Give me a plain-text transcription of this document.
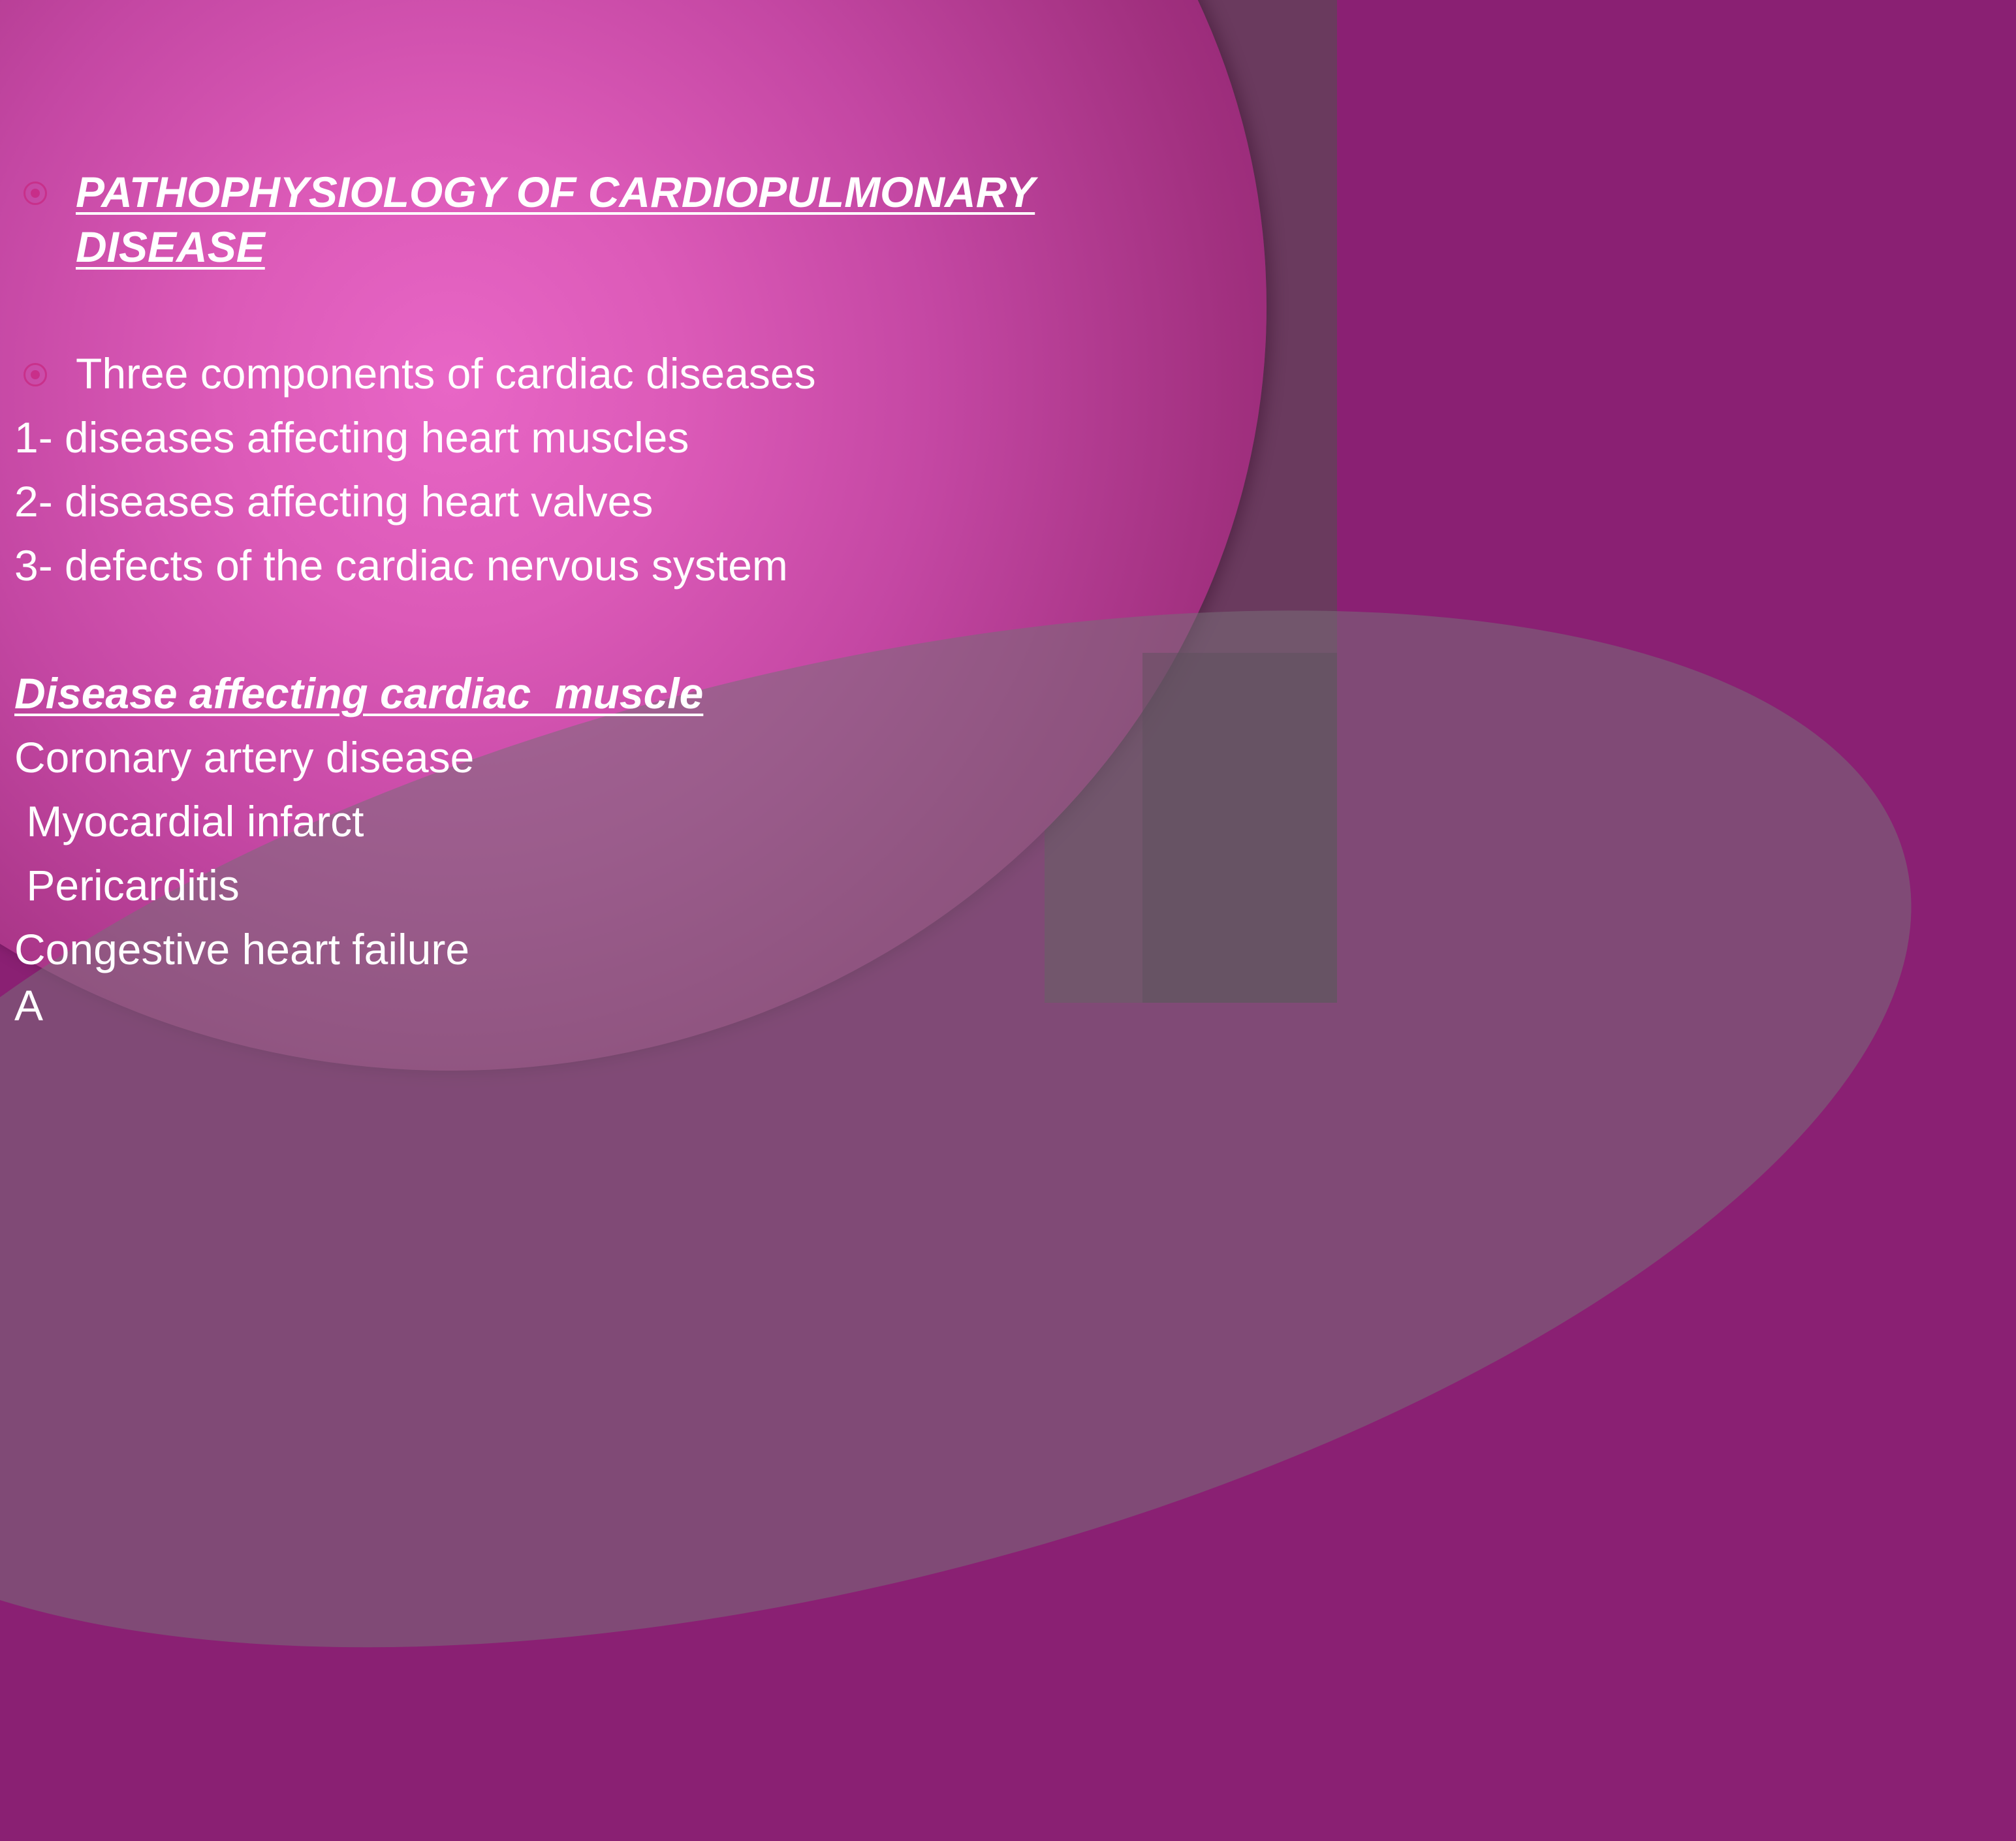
PATHOPHYSIOLOGY OF CARDIOPULMONARY DISEASE
Three components of cardiac diseases
1- diseases affecting heart muscles
2- diseases affecting heart valves
3- defects of the cardiac nervous system
Disease affecting cardiac  muscle
Coronary artery disease
Myocardial infarct
Pericarditis
Congestive heart failure
A
